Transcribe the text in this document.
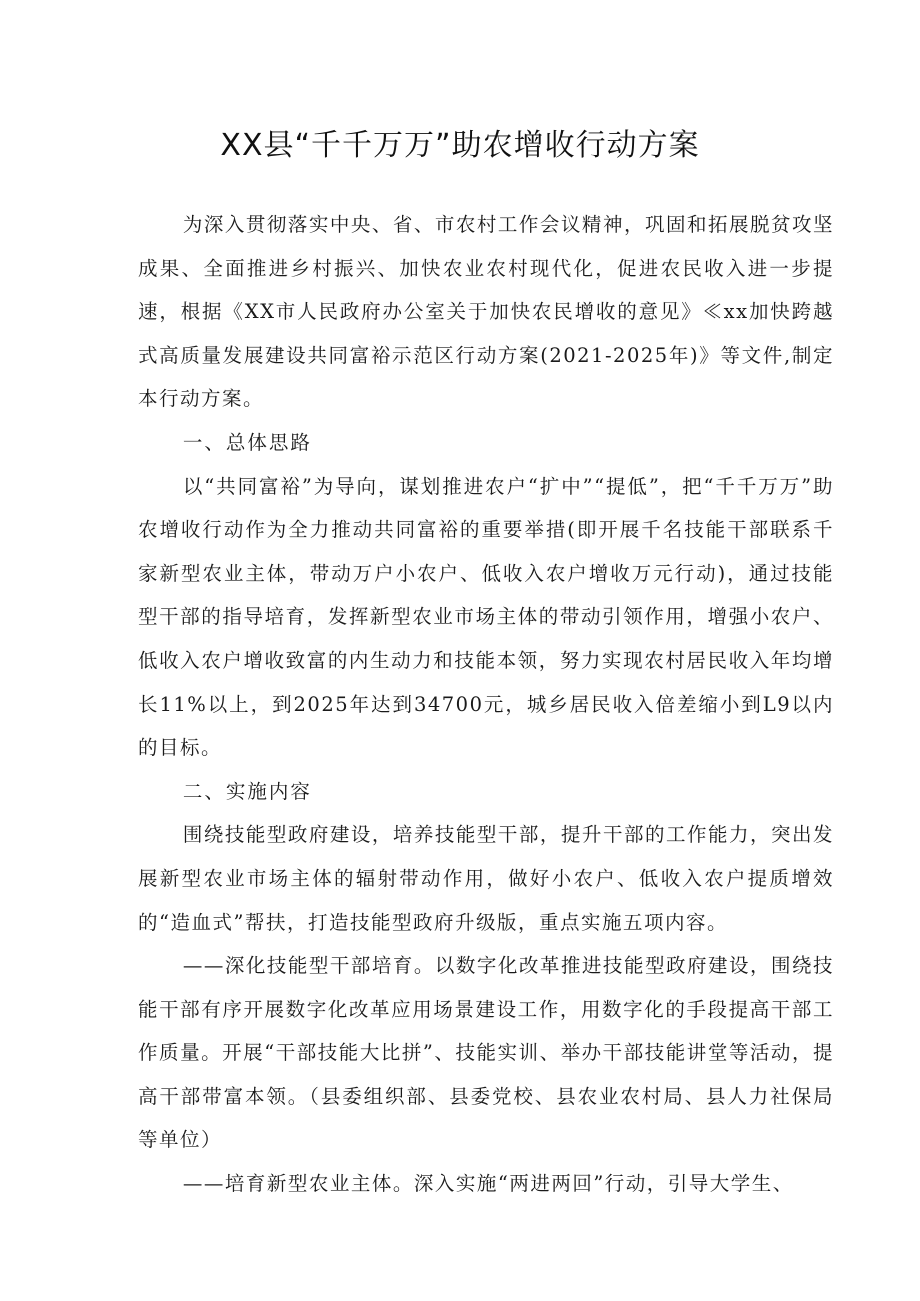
XX县“千千万万”助农增收行动方案

为深入贯彻落实中央、省、市农村工作会议精神，巩固和拓展脱贫攻坚成果、全面推进乡村振兴、加快农业农村现代化，促进农民收入进一步提速，根据《XX市人民政府办公室关于加快农民增收的意见》≪xx加快跨越式高质量发展建设共同富裕示范区行动方案(2021-2025年)》等文件,制定本行动方案。

一、总体思路

以“共同富裕”为导向，谋划推进农户“扩中”“提低”，把“千千万万”助农增收行动作为全力推动共同富裕的重要举措(即开展千名技能干部联系千家新型农业主体，带动万户小农户、低收入农户增收万元行动)，通过技能型干部的指导培育，发挥新型农业市场主体的带动引领作用，增强小农户、低收入农户增收致富的内生动力和技能本领，努力实现农村居民收入年均增长11%以上，到2025年达到34700元，城乡居民收入倍差缩小到L9以内的目标。

二、实施内容

围绕技能型政府建设，培养技能型干部，提升干部的工作能力，突出发展新型农业市场主体的辐射带动作用，做好小农户、低收入农户提质增效的“造血式”帮扶，打造技能型政府升级版，重点实施五项内容。

——深化技能型干部培育。以数字化改革推进技能型政府建设，围绕技能干部有序开展数字化改革应用场景建设工作，用数字化的手段提高干部工作质量。开展“干部技能大比拼”、技能实训、举办干部技能讲堂等活动，提高干部带富本领。（县委组织部、县委党校、县农业农村局、县人力社保局等单位）

——培育新型农业主体。深入实施“两进两回”行动，引导大学生、
